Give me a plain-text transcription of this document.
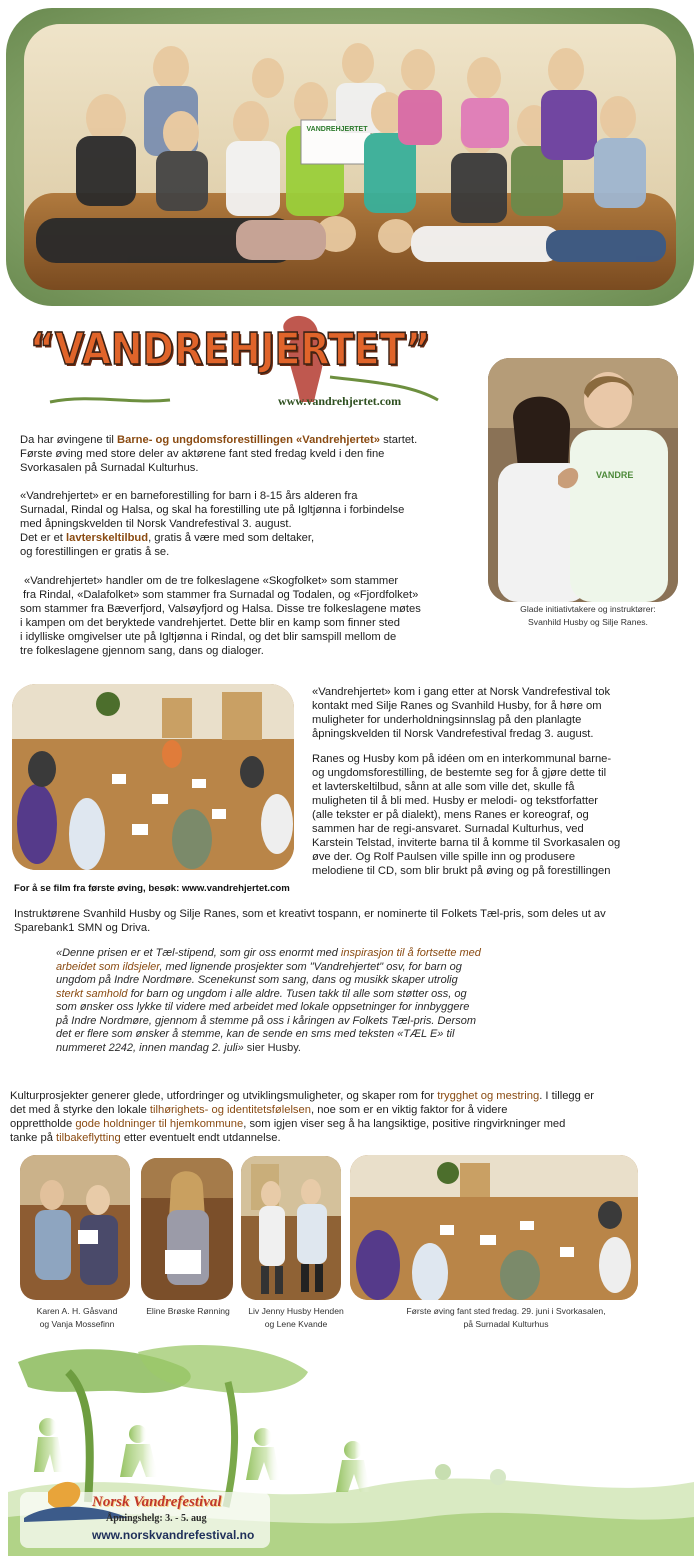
VANDREHJERTET
“VANDREHJERTET”
www.vandrehjertet.com
VANDRE
Glade initiativtakere og instruktører:
Svanhild Husby og Silje Ranes.

Da har øvingene til Barne- og ungdomsforestillingen «Vandrehjertet» startet.

Første øving med store deler av aktørene fant sted fredag kveld i den fine

Svorkasalen på Surnadal Kulturhus.

«Vandrehjertet» er en barneforestilling for barn i 8-15 års alderen fra

Surnadal, Rindal og Halsa, og skal ha forestilling ute på Igltjønna i forbindelse

med åpningskvelden til Norsk Vandrefestival 3. august.

Det er et lavterskeltilbud, gratis å være med som deltaker,

og forestillingen er gratis å se.

«Vandrehjertet» handler om de tre folkeslagene «Skogfolket» som stammer

fra Rindal, «Dalafolket» som stammer fra Surnadal og Todalen, og «Fjordfolket»

som stammer fra Bæverfjord, Valsøyfjord og Halsa. Disse tre folkeslagene møtes

i kampen om det beryktede vandrehjertet. Dette blir en kamp som finner sted

i idylliske omgivelser ute på Igltjønna i Rindal, og det blir samspill mellom de

tre folkeslagene gjennom sang, dans og dialoger.

For å se film fra første øving, besøk: www.vandrehjertet.com

«Vandrehjertet» kom i gang etter at Norsk Vandrefestival tok

kontakt med Silje Ranes og Svanhild Husby, for å høre om

muligheter for underholdningsinnslag på den planlagte

åpningskvelden til Norsk Vandrefestival fredag 3. august.

Ranes og Husby kom på idéen om en interkommunal barne-

og ungdomsforestilling, de bestemte seg for å gjøre dette til

et lavterskeltilbud, sånn at alle som ville det, skulle få

muligheten til å bli med. Husby er melodi- og tekstforfatter

(alle tekster er på dialekt), mens Ranes er koreograf, og

sammen har de regi-ansvaret. Surnadal Kulturhus, ved

Karstein Telstad, inviterte barna til å komme til Svorkasalen og

øve der. Og Rolf Paulsen ville spille inn og produsere

melodiene til CD, som blir brukt på øving og på forestillingen

Instruktørene Svanhild Husby og Silje Ranes, som et kreativt tospann, er nominerte til Folkets Tæl-pris, som deles ut av

Sparebank1 SMN og Driva.

«Denne prisen er et Tæl-stipend, som gir oss enormt med inspirasjon til å fortsette med
arbeidet som ildsjeler, med lignende prosjekter som "Vandrehjertet" osv, for barn og
ungdom på Indre Nordmøre. Scenekunst som sang, dans og musikk skaper utrolig
sterkt samhold for barn og ungdom i alle aldre. Tusen takk til alle som støtter oss, og
som ønsker oss lykke til videre med arbeidet med lokale oppsetninger for innbyggere
på Indre Nordmøre, gjennom å stemme på oss i kåringen av Folkets Tæl-pris. Dersom
det er flere som ønsker å stemme, kan de sende en sms med teksten «TÆL E» til
nummeret 2242, innen mandag 2. juli» sier Husby.

Kulturprosjekter generer glede, utfordringer og utviklingsmuligheter, og skaper rom for trygghet og mestring. I tillegg er

det med å styrke den lokale tilhørighets- og identitetsfølelsen, noe som er en viktig faktor for å videre

opprettholde gode holdninger til hjemkommune, som igjen viser seg å ha langsiktige, positive ringvirkninger med

tanke på tilbakeflytting etter eventuelt endt utdannelse.

Karen A. H. Gåsvand
og Vanja Mossefinn
Eline Brøske Rønning	Liv Jenny Husby Henden
og Lene Kvande
Første øving fant sted fredag. 29. juni i Svorkasalen,
på Surnadal Kulturhus
Norsk Vandrefestival
Åpningshelg: 3. - 5. aug
www.norskvandrefestival.no
